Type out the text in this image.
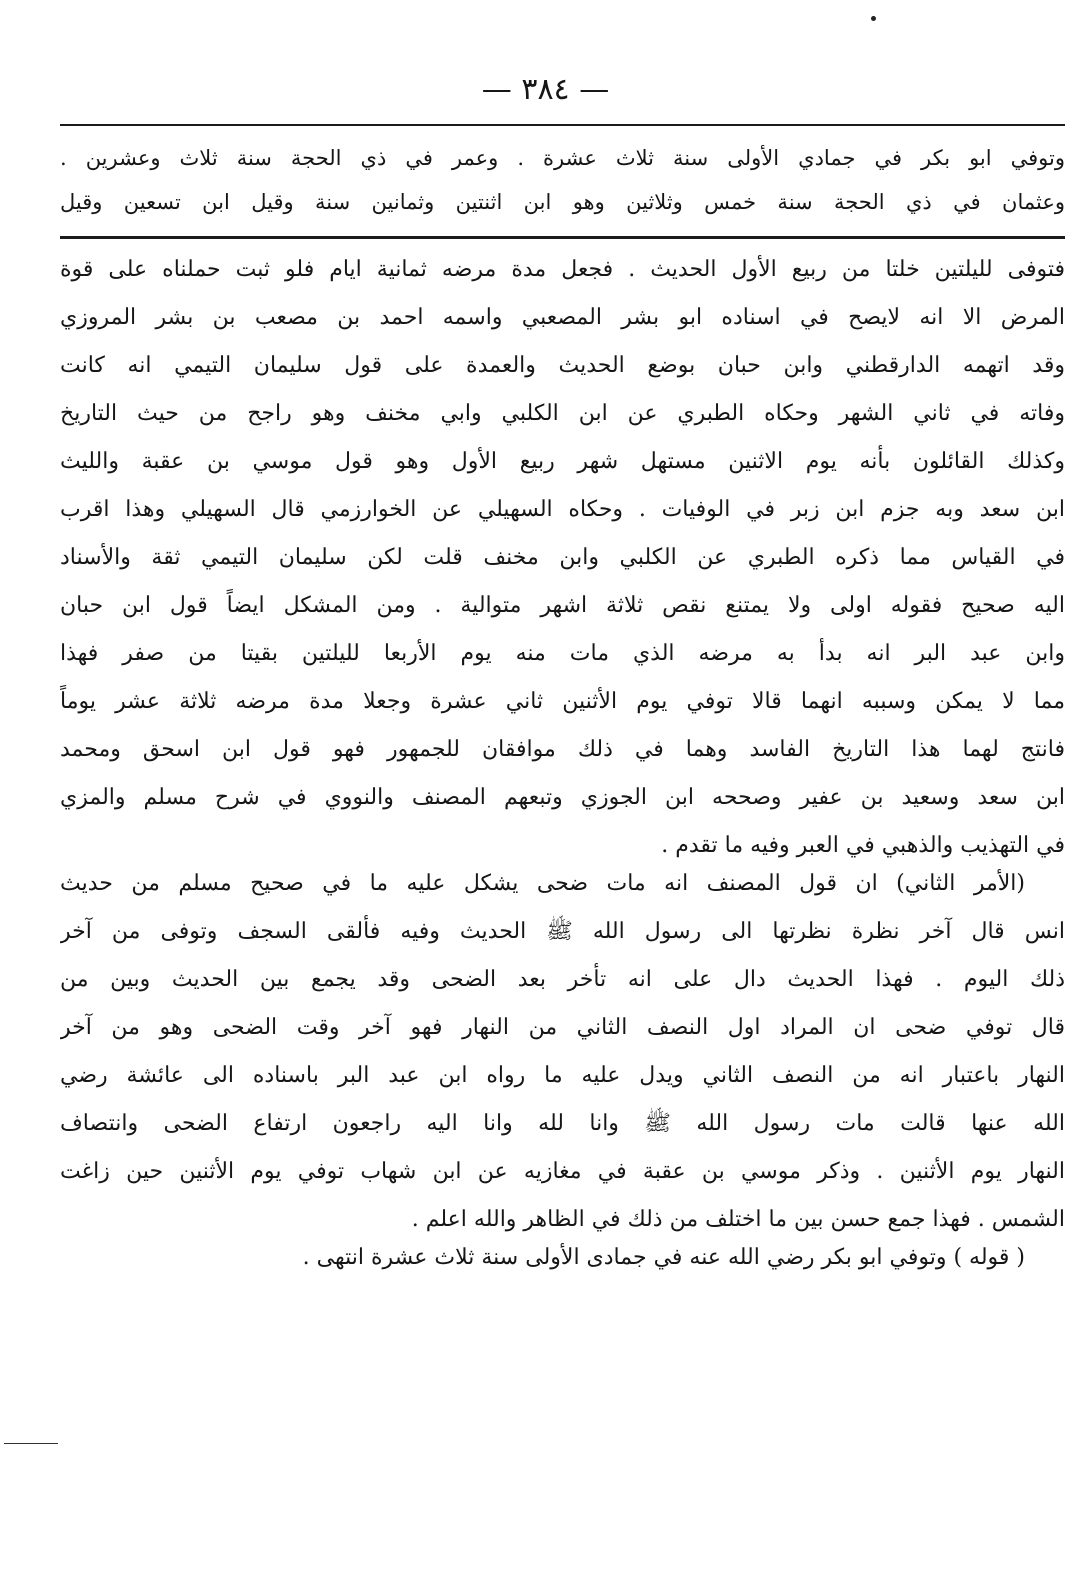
— ٣٨٤ —
وتوفي ابو بكر في جمادي الأولى سنة ثلاث عشرة . وعمر في ذي الحجة سنة ثلاث وعشرين .
وعثمان في ذي الحجة سنة خمس وثلاثين وهو ابن اثنتين وثمانين سنة وقيل ابن تسعين وقيل
فتوفى لليلتين خلتا من ربيع الأول الحديث . فجعل مدة مرضه ثمانية ايام فلو ثبت حملناه على قوة
المرض الا انه لايصح في اسناده ابو بشر المصعبي واسمه احمد بن مصعب بن بشر المروزي
وقد اتهمه الدارقطني وابن حبان بوضع الحديث والعمدة على قول سليمان التيمي انه كانت
وفاته في ثاني الشهر وحكاه الطبري عن ابن الكلبي وابي مخنف وهو راجح من حيث التاريخ
وكذلك القائلون بأنه يوم الاثنين مستهل شهر ربيع الأول وهو قول موسي بن عقبة والليث
ابن سعد وبه جزم ابن زبر في الوفيات . وحكاه السهيلي عن الخوارزمي قال السهيلي وهذا اقرب
في القياس مما ذكره الطبري عن الكلبي وابن مخنف قلت لكن سليمان التيمي ثقة والأسناد
اليه صحيح فقوله اولى ولا يمتنع نقص ثلاثة اشهر متوالية . ومن المشكل ايضاً قول ابن حبان
وابن عبد البر انه بدأ به مرضه الذي مات منه يوم الأربعا لليلتين بقيتا من صفر فهذا
مما لا يمكن وسببه انهما قالا توفي يوم الأثنين ثاني عشرة وجعلا مدة مرضه ثلاثة عشر يوماً
فانتج لهما هذا التاريخ الفاسد وهما في ذلك موافقان للجمهور فهو قول ابن اسحق ومحمد
ابن سعد وسعيد بن عفير وصححه ابن الجوزي وتبعهم المصنف والنووي في شرح مسلم والمزي
في التهذيب والذهبي في العبر وفيه ما تقدم .
(الأمر الثاني) ان قول المصنف انه مات ضحى يشكل عليه ما في صحيح مسلم من حديث
انس قال آخر نظرة نظرتها الى رسول الله ﷺ الحديث وفيه فألقى السجف وتوفى من آخر
ذلك اليوم . فهذا الحديث دال على انه تأخر بعد الضحى وقد يجمع بين الحديث وبين من
قال توفي ضحى ان المراد اول النصف الثاني من النهار فهو آخر وقت الضحى وهو من آخر
النهار باعتبار انه من النصف الثاني ويدل عليه ما رواه ابن عبد البر باسناده الى عائشة رضي
الله عنها قالت مات رسول الله ﷺ وانا لله وانا اليه راجعون ارتفاع الضحى وانتصاف
النهار يوم الأثنين . وذكر موسي بن عقبة في مغازيه عن ابن شهاب توفي يوم الأثنين حين زاغت
الشمس . فهذا جمع حسن بين ما اختلف من ذلك في الظاهر والله اعلم .
( قوله ) وتوفي ابو بكر رضي الله عنه في جمادى الأولى سنة ثلاث عشرة انتهى .
